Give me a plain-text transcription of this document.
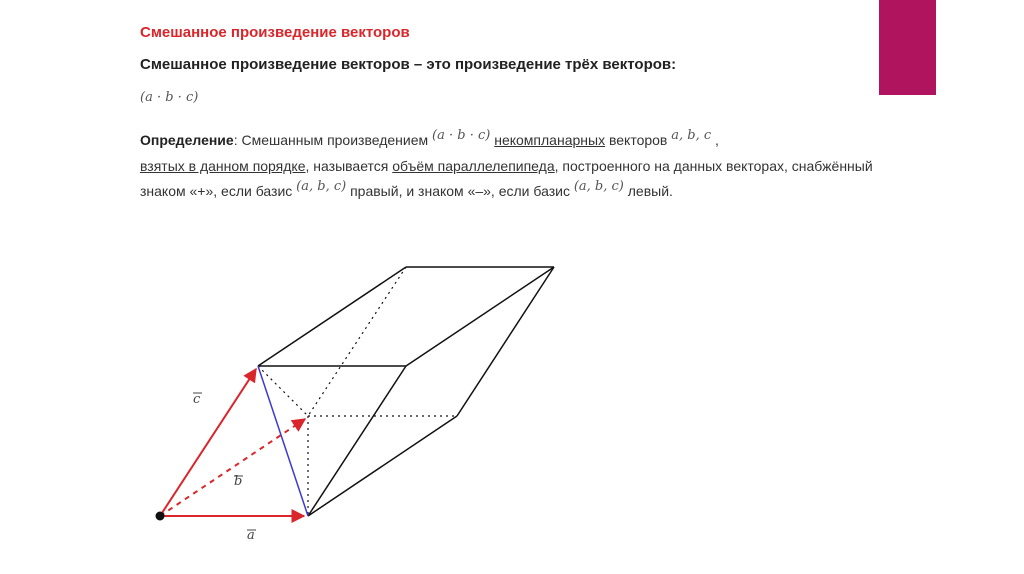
Смешанное произведение векторов
Смешанное произведение векторов – это произведение трёх векторов:
(a · b · c)
Определение: Смешанным произведением (a · b · c) некомпланарных векторов a, b, c ,
взятых в данном порядке, называется объём параллелепипеда, построенного на данных векторах, снабжённый знаком «+», если базис (a, b, c) правый, и знаком «–», если базис (a, b, c) левый.
c
b
a
